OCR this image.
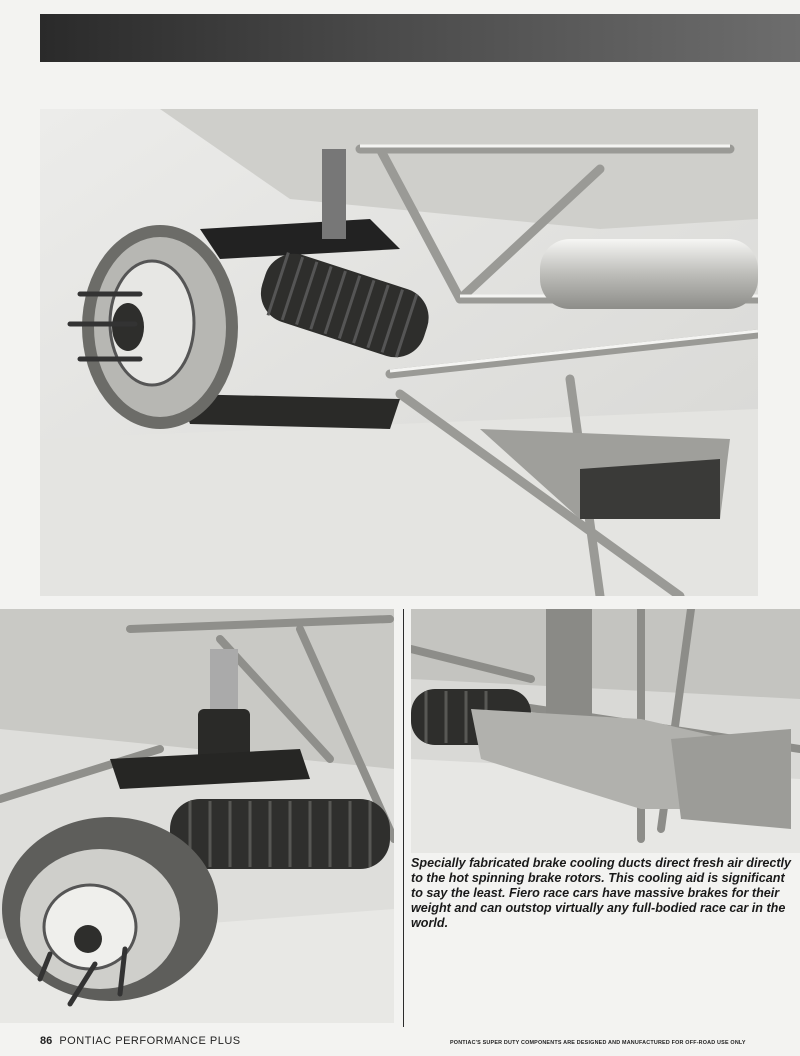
Specially fabricated brake cooling ducts direct fresh air directly to the hot spinning brake rotors. This cooling aid is significant to say the least. Fiero race cars have massive brakes for their weight and can outstop virtually any full-bodied race car in the world.

86 PONTIAC PERFORMANCE PLUS	PONTIAC'S SUPER DUTY COMPONENTS ARE DESIGNED AND MANUFACTURED FOR OFF-ROAD USE ONLY
